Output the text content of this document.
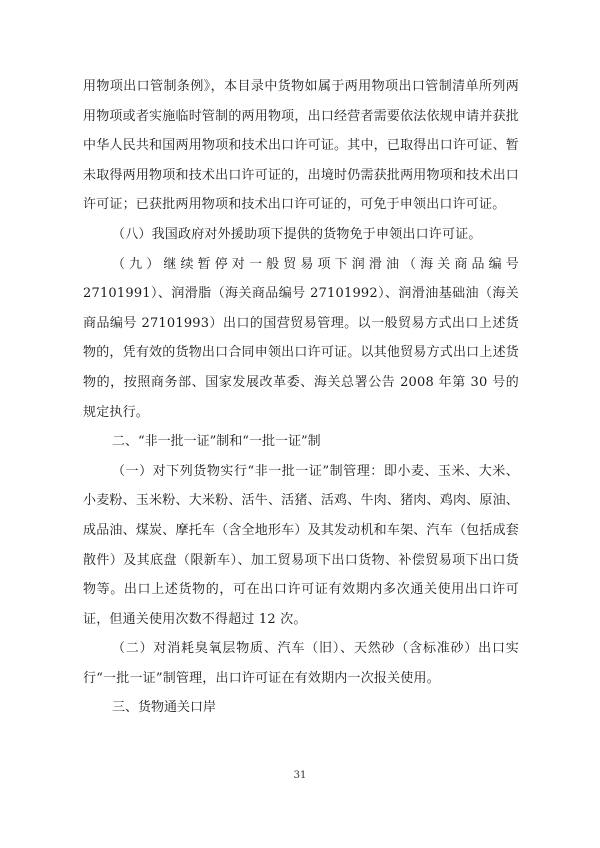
用物项出口管制条例》，本目录中货物如属于两用物项出口管制清单所列两用物项或者实施临时管制的两用物项，出口经营者需要依法依规申请并获批中华人民共和国两用物项和技术出口许可证。其中，已取得出口许可证、暂未取得两用物项和技术出口许可证的，出境时仍需获批两用物项和技术出口许可证；已获批两用物项和技术出口许可证的，可免于申领出口许可证。

（八）我国政府对外援助项下提供的货物免于申领出口许可证。

（九）继续暂停对一般贸易项下润滑油（海关商品编号 27101991）、润滑脂（海关商品编号 27101992）、润滑油基础油（海关商品编号 27101993）出口的国营贸易管理。以一般贸易方式出口上述货物的，凭有效的货物出口合同申领出口许可证。以其他贸易方式出口上述货物的，按照商务部、国家发展改革委、海关总署公告 2008 年第 30 号的规定执行。

二、“非一批一证”制和“一批一证”制

（一）对下列货物实行“非一批一证”制管理：即小麦、玉米、大米、小麦粉、玉米粉、大米粉、活牛、活猪、活鸡、牛肉、猪肉、鸡肉、原油、成品油、煤炭、摩托车（含全地形车）及其发动机和车架、汽车（包括成套散件）及其底盘（限新车）、加工贸易项下出口货物、补偿贸易项下出口货物等。出口上述货物的，可在出口许可证有效期内多次通关使用出口许可证，但通关使用次数不得超过 12 次。

（二）对消耗臭氧层物质、汽车（旧）、天然砂（含标准砂）出口实行“一批一证”制管理，出口许可证在有效期内一次报关使用。

三、货物通关口岸

31
